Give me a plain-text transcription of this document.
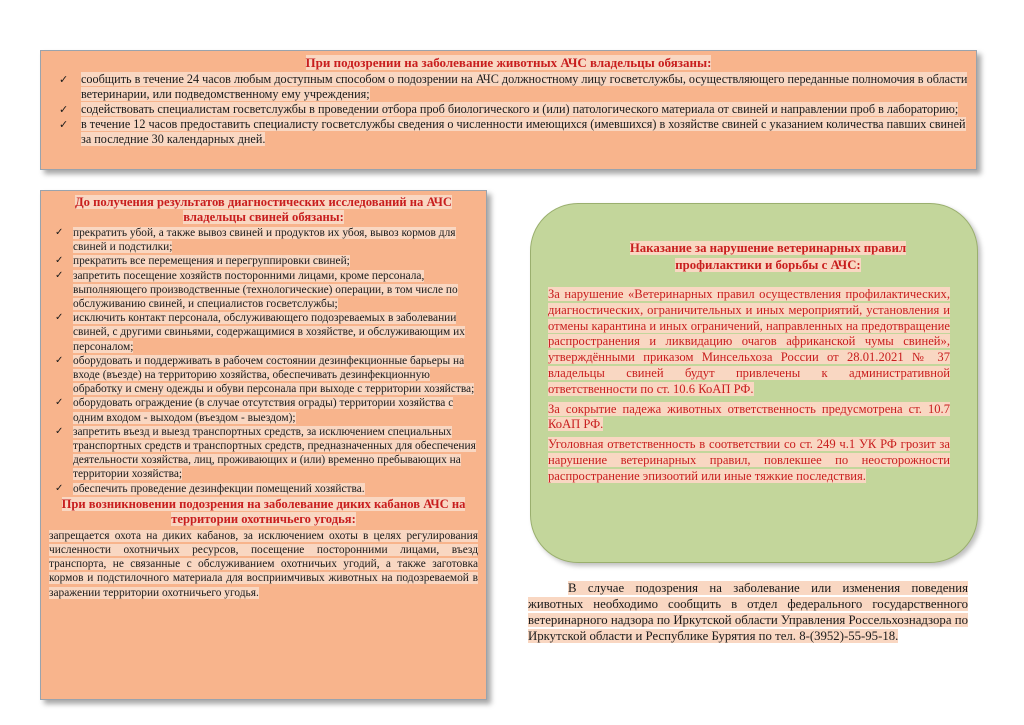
При подозрении на заболевание животных АЧС владельцы обязаны:
✓ сообщить в течение 24 часов любым доступным способом о подозрении на АЧС должностному лицу госветслужбы, осуществляющего переданные полномочия в области ветеринарии, или подведомственному ему учреждения;
✓ содействовать специалистам госветслужбы в проведении отбора проб биологического и (или) патологического материала от свиней и направлении проб в лабораторию;
✓ в течение 12 часов предоставить специалисту госветслужбы сведения о численности имеющихся (имевшихся) в хозяйстве свиней с указанием количества павших свиней за последние 30 календарных дней.
До получения результатов диагностических исследований на АЧС владельцы свиней обязаны:
✓ прекратить убой, а также вывоз свиней и продуктов их убоя, вывоз кормов для свиней и подстилки;
✓ прекратить все перемещения и перегруппировки свиней;
✓ запретить посещение хозяйств посторонними лицами, кроме персонала, выполняющего производственные (технологические) операции, в том числе по обслуживанию свиней, и специалистов госветслужбы;
✓ исключить контакт персонала, обслуживающего подозреваемых в заболевании свиней, с другими свиньями, содержащимися в хозяйстве, и обслуживающим их персоналом;
✓ оборудовать и поддерживать в рабочем состоянии дезинфекционные барьеры на входе (въезде) на территорию хозяйства, обеспечивать дезинфекционную обработку и смену одежды и обуви персонала при выходе с территории хозяйства;
✓ оборудовать ограждение (в случае отсутствия ограды) территории хозяйства с одним входом - выходом (въездом - выездом);
✓ запретить въезд и выезд транспортных средств, за исключением специальных транспортных средств и транспортных средств, предназначенных для обеспечения деятельности хозяйства, лиц, проживающих и (или) временно пребывающих на территории хозяйства;
✓ обеспечить проведение дезинфекции помещений хозяйства.
При возникновении подозрения на заболевание диких кабанов АЧС на территории охотничьего угодья:
запрещается охота на диких кабанов, за исключением охоты в целях регулирования численности охотничьих ресурсов, посещение посторонними лицами, въезд транспорта, не связанные с обслуживанием охотничьих угодий, а также заготовка кормов и подстилочного материала для восприимчивых животных на подозреваемой в заражении территории охотничьего угодья.
Наказание за нарушение ветеринарных правил профилактики и борьбы с АЧС:

За нарушение «Ветеринарных правил осуществления профилактических, диагностических, ограничительных и иных мероприятий, установления и отмены карантина и иных ограничений, направленных на предотвращение распространения и ликвидацию очагов африканской чумы свиней», утверждёнными приказом Минсельхоза России от 28.01.2021 № 37 владельцы свиней будут привлечены к административной ответственности по ст. 10.6 КоАП РФ.

За сокрытие падежа животных ответственность предусмотрена ст. 10.7 КоАП РФ.

Уголовная ответственность в соответствии со ст. 249 ч.1 УК РФ грозит за нарушение ветеринарных правил, повлекшее по неосторожности распространение эпизоотий или иные тяжкие последствия.

В случае подозрения на заболевание или изменения поведения животных необходимо сообщить в отдел федерального государственного ветеринарного надзора по Иркутской области Управления Россельхознадзора по Иркутской области и Республике Бурятия по тел. 8-(3952)-55-95-18.
